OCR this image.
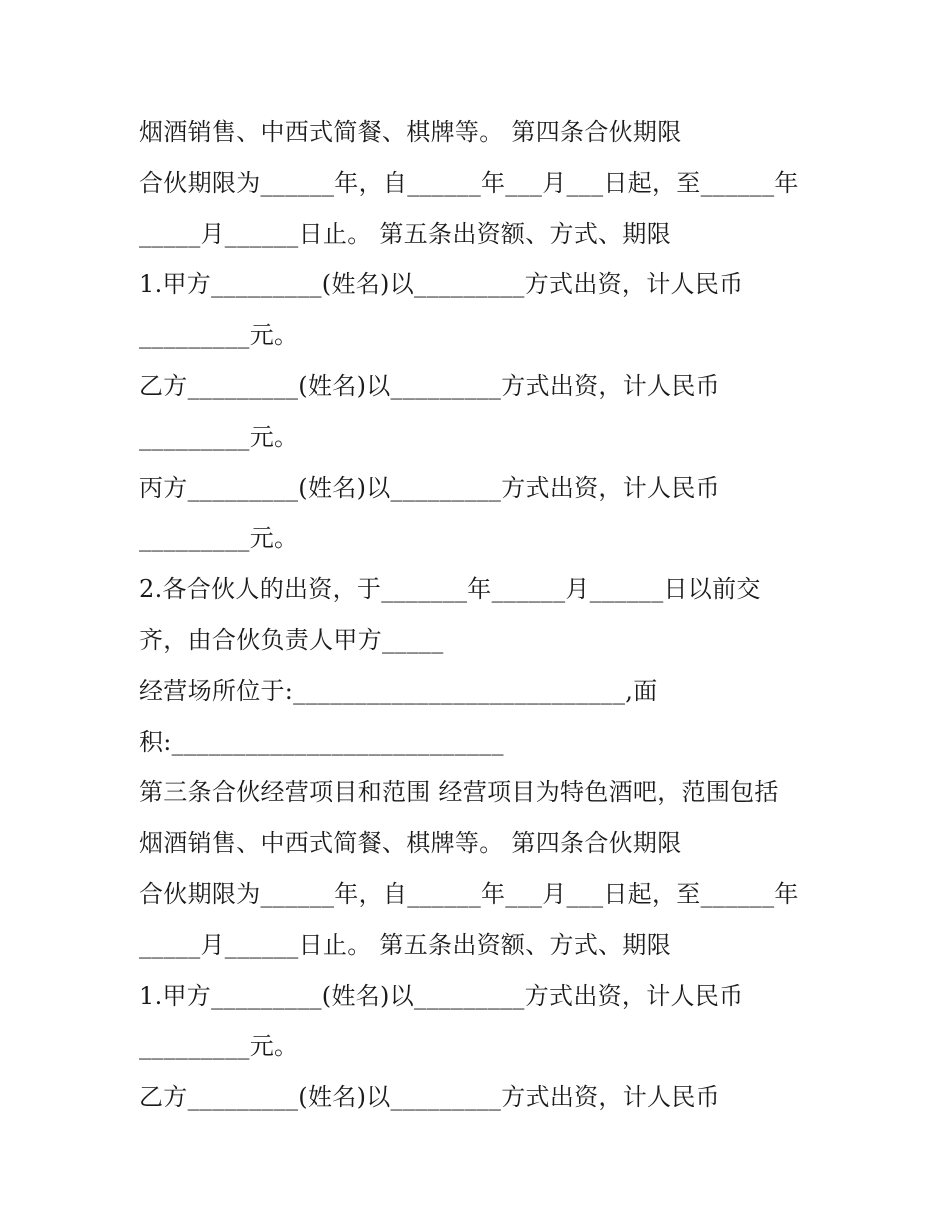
烟酒销售、中西式简餐、棋牌等。 第四条合伙期限
合伙期限为______年，自______年___月___日起，至______年
_____月______日止。 第五条出资额、方式、期限
1.甲方_________(姓名)以_________方式出资，计人民币
_________元。
乙方_________(姓名)以_________方式出资，计人民币
_________元。
丙方_________(姓名)以_________方式出资，计人民币
_________元。
2.各合伙人的出资，于_______年______月______日以前交
齐，由合伙负责人甲方_____
经营场所位于:___________________________,面
积:___________________________
第三条合伙经营项目和范围 经营项目为特色酒吧，范围包括
烟酒销售、中西式简餐、棋牌等。 第四条合伙期限
合伙期限为______年，自______年___月___日起，至______年
_____月______日止。 第五条出资额、方式、期限
1.甲方_________(姓名)以_________方式出资，计人民币
_________元。
乙方_________(姓名)以_________方式出资，计人民币
